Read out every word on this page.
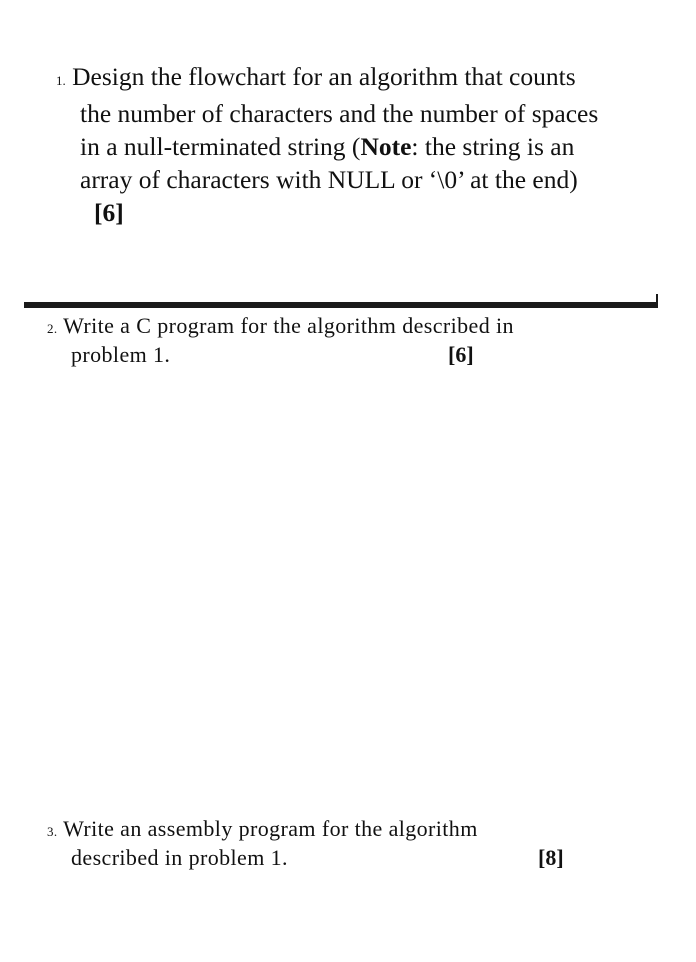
1. Design the flowchart for an algorithm that counts
the number of characters and the number of spaces
in a null-terminated string (Note: the string is an
array of characters with NULL or ‘\0’ at the end)
[6]
2. Write a C program for the algorithm described in
problem 1.	[6]
3. Write an assembly program for the algorithm
described in problem 1.	[8]
